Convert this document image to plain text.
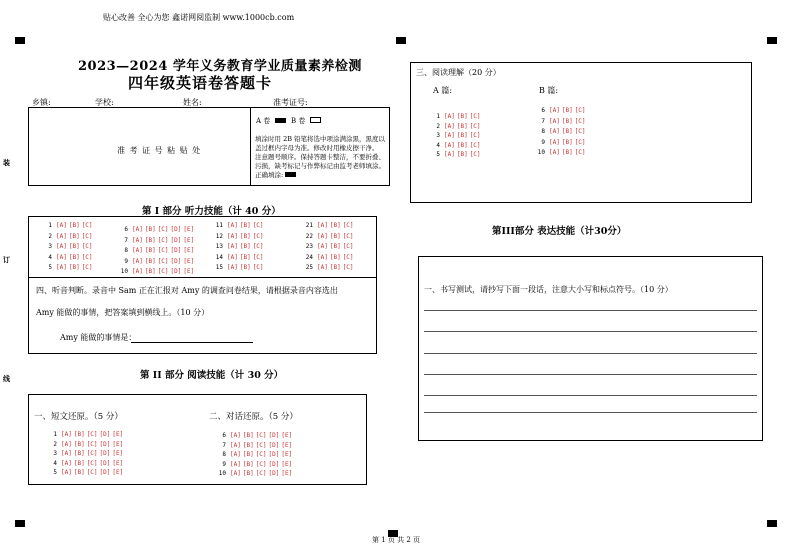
贴心改善 全心为您 鑫诺网阅监制 www.1000cb.com
装
订
线
2023—2024 学年义务教育学业质量素养检测
四年级英语卷答题卡
乡镇:	学校:	姓名:	准考证号:
准 考 证 号 粘 贴 处
A 卷	B 卷
填涂时用 2B 铅笔将选中项涂满涂黑，黑度以
盖过框内字母为准。修改时用橡皮擦干净。
注意题号顺序。保持答题卡整洁，不要折叠、
污损，缺考标记与作弊标记由监考老师填涂。
正确填涂:
第 I 部分 听力技能（计 40 分）
四、听音判断。录音中 Sam 正在汇报对 Amy 的调查问卷结果，请根据录音内容选出
Amy 能做的事情，把答案填到横线上。（10 分）
Amy 能做的事情是：
第 II 部分 阅读技能（计 30 分）
一、短文还原。（5 分）	二、对话还原。（5 分）
三、阅读理解（20 分）
A 篇:	B 篇:
第III部分 表达技能（计30分）
一、书写测试，请抄写下面一段话，注意大小写和标点符号。（10 分）
第 1 页 共 2 页
1 [A] [B] [C]
2 [A] [B] [C]
3 [A] [B] [C]
4 [A] [B] [C]
5 [A] [B] [C]
6 [A] [B] [C] [D] [E]
7 [A] [B] [C] [D] [E]
8 [A] [B] [C] [D] [E]
9 [A] [B] [C] [D] [E]
10 [A] [B] [C] [D] [E]
11 [A] [B] [C]
12 [A] [B] [C]
13 [A] [B] [C]
14 [A] [B] [C]
15 [A] [B] [C]
21 [A] [B] [C]
22 [A] [B] [C]
23 [A] [B] [C]
24 [A] [B] [C]
25 [A] [B] [C]
1 [A] [B] [C] [D] [E]
2 [A] [B] [C] [D] [E]
3 [A] [B] [C] [D] [E]
4 [A] [B] [C] [D] [E]
5 [A] [B] [C] [D] [E]
6 [A] [B] [C] [D] [E]
7 [A] [B] [C] [D] [E]
8 [A] [B] [C] [D] [E]
9 [A] [B] [C] [D] [E]
10 [A] [B] [C] [D] [E]
1 [A] [B] [C]
2 [A] [B] [C]
3 [A] [B] [C]
4 [A] [B] [C]
5 [A] [B] [C]
6 [A] [B] [C]
7 [A] [B] [C]
8 [A] [B] [C]
9 [A] [B] [C]
10 [A] [B] [C]
